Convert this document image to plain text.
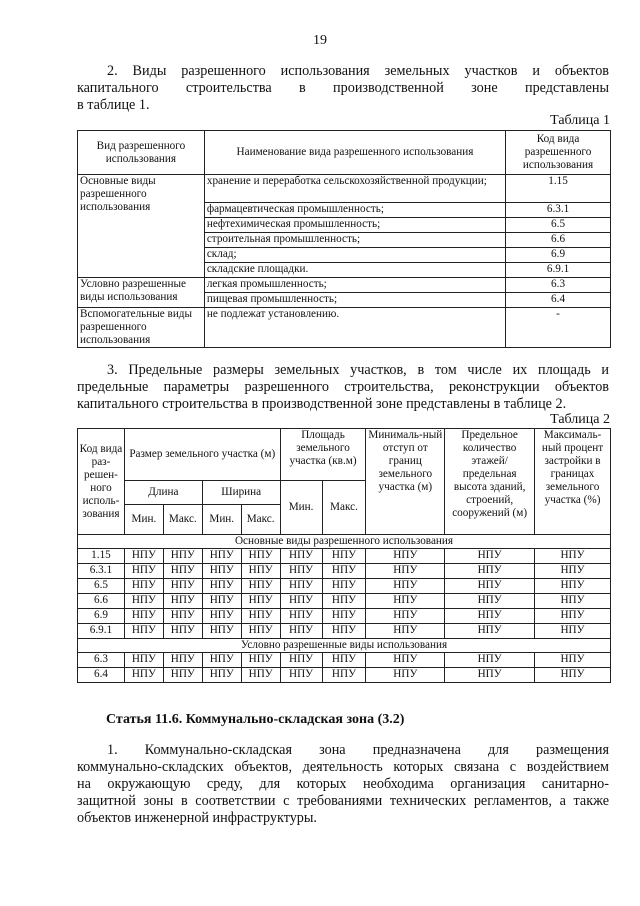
19
2. Виды разрешенного использования земельных участков и объектов
капитального строительства в производственной зоне представлены
в таблице 1.
Таблица 1
Вид разрешенного использования	Наименование вида разрешенного использования	Код вида разрешенного использования
Основные виды разрешенного использования	хранение и переработка сельскохозяйственной продукции;	1.15
	фармацевтическая промышленность;	6.3.1
	нефтехимическая промышленность;	6.5
	строительная промышленность;	6.6
	склад;	6.9
	складские площадки.	6.9.1
Условно разрешенные виды использования	легкая промышленность;	6.3
	пищевая промышленность;	6.4
Вспомогательные виды разрешенного использования	не подлежат установлению.	-
3. Предельные размеры земельных участков, в том числе их площадь и
предельные параметры разрешенного строительства, реконструкции объектов
капитального строительства в производственной зоне представлены в таблице 2.
Таблица 2
Код вида раз-решен-ного исполь-зования	Размер земельного участка (м)				Площадь земельного участка (кв.м)		Минималь-ный отступ от границ земельного участка (м)	Предельное количество этажей/ предельная высота зданий, строений, сооружений (м)	Максималь-ный процент застройки в границах земельного участка (%)
	Длина		Ширина		Мин.	Макс.			
	Мин.	Макс.	Мин.	Макс.					
Основные виды разрешенного использования									
1.15	НПУ	НПУ	НПУ	НПУ	НПУ	НПУ	НПУ	НПУ	НПУ
6.3.1	НПУ	НПУ	НПУ	НПУ	НПУ	НПУ	НПУ	НПУ	НПУ
6.5	НПУ	НПУ	НПУ	НПУ	НПУ	НПУ	НПУ	НПУ	НПУ
6.6	НПУ	НПУ	НПУ	НПУ	НПУ	НПУ	НПУ	НПУ	НПУ
6.9	НПУ	НПУ	НПУ	НПУ	НПУ	НПУ	НПУ	НПУ	НПУ
6.9.1	НПУ	НПУ	НПУ	НПУ	НПУ	НПУ	НПУ	НПУ	НПУ
Условно разрешенные виды использования									
6.3	НПУ	НПУ	НПУ	НПУ	НПУ	НПУ	НПУ	НПУ	НПУ
6.4	НПУ	НПУ	НПУ	НПУ	НПУ	НПУ	НПУ	НПУ	НПУ
Статья 11.6. Коммунально-складская зона (3.2)
1. Коммунально-складская зона предназначена для размещения
коммунально-складских объектов, деятельность которых связана с воздействием
на окружающую среду, для которых необходима организация санитарно-
защитной зоны в соответствии с требованиями технических регламентов, а также
объектов инженерной инфраструктуры.
